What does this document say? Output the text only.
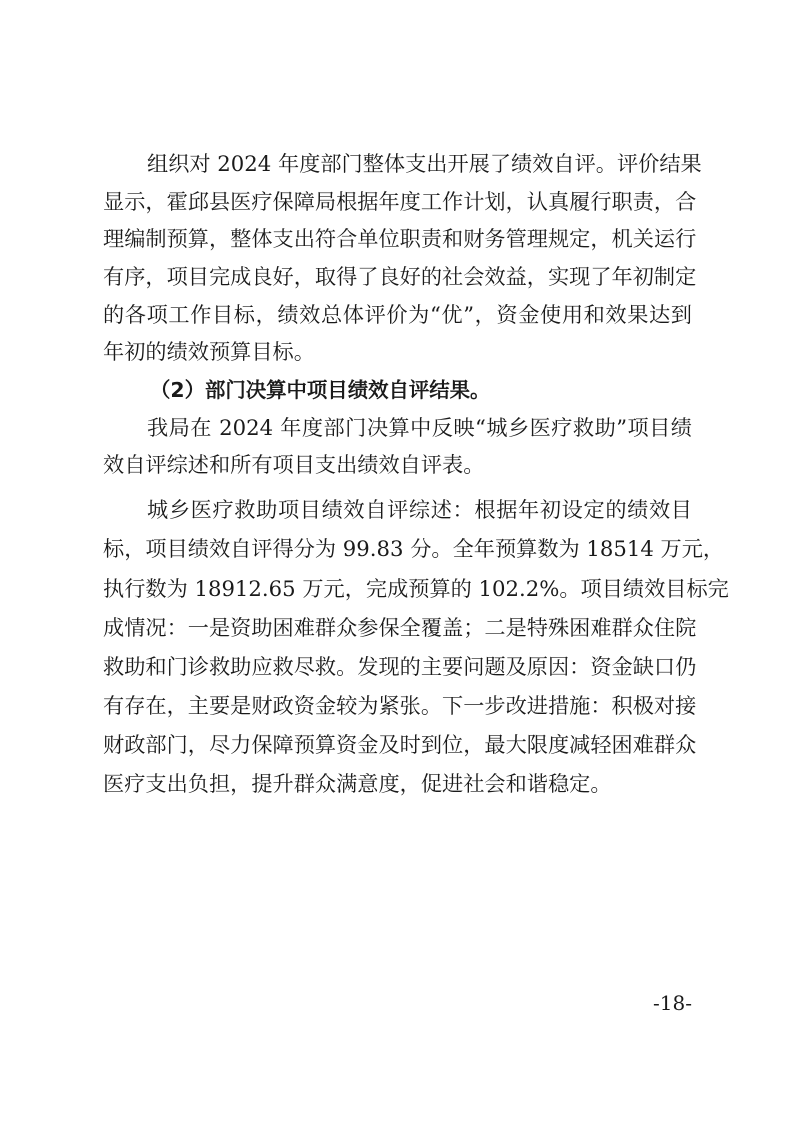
组织对 2024 年度部门整体支出开展了绩效自评。评价结果
显示，霍邱县医疗保障局根据年度工作计划，认真履行职责，合
理编制预算，整体支出符合单位职责和财务管理规定，机关运行
有序，项目完成良好，取得了良好的社会效益，实现了年初制定
的各项工作目标，绩效总体评价为“优”，资金使用和效果达到
年初的绩效预算目标。
（2）部门决算中项目绩效自评结果。
我局在 2024 年度部门决算中反映“城乡医疗救助”项目绩
效自评综述和所有项目支出绩效自评表。
城乡医疗救助项目绩效自评综述：根据年初设定的绩效目
标，项目绩效自评得分为 99.83 分。全年预算数为 18514 万元，
执行数为 18912.65 万元，完成预算的 102.2%。项目绩效目标完
成情况：一是资助困难群众参保全覆盖；二是特殊困难群众住院
救助和门诊救助应救尽救。发现的主要问题及原因：资金缺口仍
有存在，主要是财政资金较为紧张。下一步改进措施：积极对接
财政部门，尽力保障预算资金及时到位，最大限度减轻困难群众
医疗支出负担，提升群众满意度，促进社会和谐稳定。
-18-
